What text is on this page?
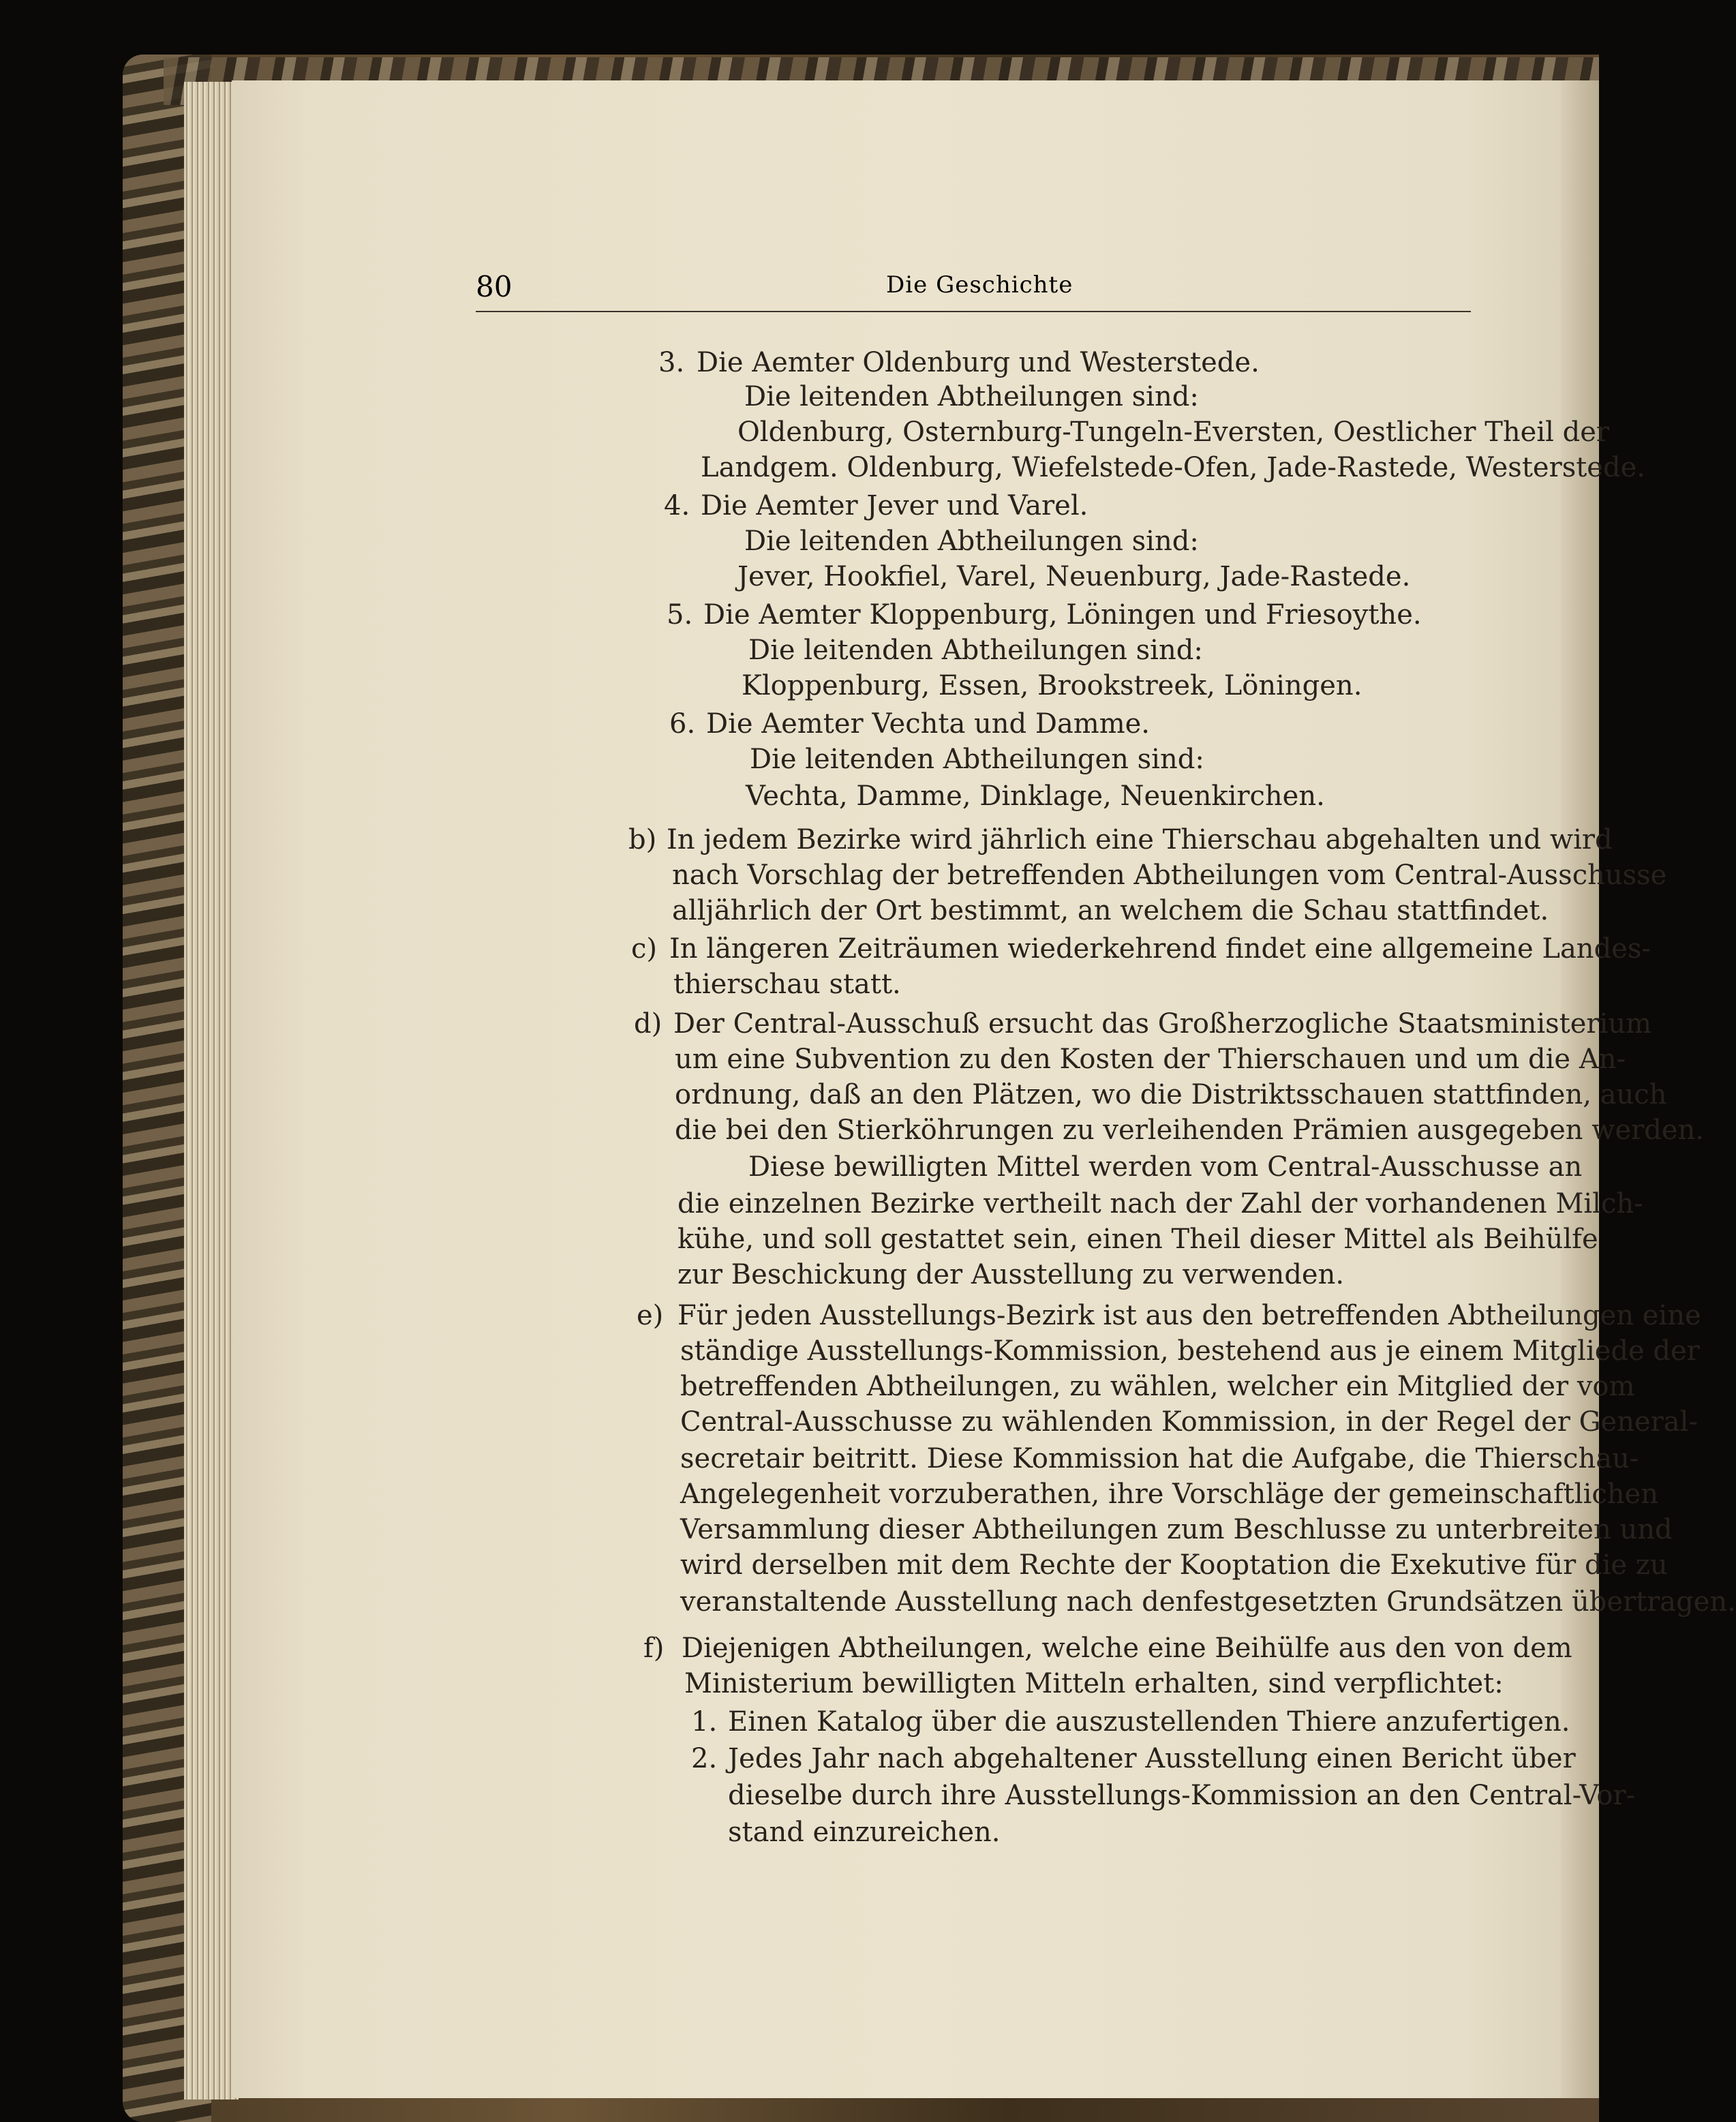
80	Die Geschichte
3. Die Aemter Oldenburg und Westerstede.
Die leitenden Abtheilungen sind:
Oldenburg, Osternburg-Tungeln-Eversten, Oestlicher Theil der
Landgem. Oldenburg, Wiefelstede-Ofen, Jade-Rastede, Westerstede.
4. Die Aemter Jever und Varel.
Die leitenden Abtheilungen sind:
Jever, Hookfiel, Varel, Neuenburg, Jade-Rastede.
5. Die Aemter Kloppenburg, Löningen und Friesoythe.
Die leitenden Abtheilungen sind:
Kloppenburg, Essen, Brookstreek, Löningen.
6. Die Aemter Vechta und Damme.
Die leitenden Abtheilungen sind:
Vechta, Damme, Dinklage, Neuenkirchen.
b) In jedem Bezirke wird jährlich eine Thierschau abgehalten und wird
nach Vorschlag der betreffenden Abtheilungen vom Central-Ausschusse
alljährlich der Ort bestimmt, an welchem die Schau stattfindet.
c) In längeren Zeiträumen wiederkehrend findet eine allgemeine Landes-
thierschau statt.
d) Der Central-Ausschuß ersucht das Großherzogliche Staatsministerium
um eine Subvention zu den Kosten der Thierschauen und um die An-
ordnung, daß an den Plätzen, wo die Distriktsschauen stattfinden, auch
die bei den Stierköhrungen zu verleihenden Prämien ausgegeben werden.
Diese bewilligten Mittel werden vom Central-Ausschusse an
die einzelnen Bezirke vertheilt nach der Zahl der vorhandenen Milch-
kühe, und soll gestattet sein, einen Theil dieser Mittel als Beihülfe
zur Beschickung der Ausstellung zu verwenden.
e) Für jeden Ausstellungs-Bezirk ist aus den betreffenden Abtheilungen eine
ständige Ausstellungs-Kommission, bestehend aus je einem Mitgliede der
betreffenden Abtheilungen, zu wählen, welcher ein Mitglied der vom
Central-Ausschusse zu wählenden Kommission, in der Regel der General-
secretair beitritt. Diese Kommission hat die Aufgabe, die Thierschau-
Angelegenheit vorzuberathen, ihre Vorschläge der gemeinschaftlichen
Versammlung dieser Abtheilungen zum Beschlusse zu unterbreiten und
wird derselben mit dem Rechte der Kooptation die Exekutive für die zu
veranstaltende Ausstellung nach denfestgesetzten Grundsätzen übertragen.
f) Diejenigen Abtheilungen, welche eine Beihülfe aus den von dem
Ministerium bewilligten Mitteln erhalten, sind verpflichtet:
1. Einen Katalog über die auszustellenden Thiere anzufertigen.
2. Jedes Jahr nach abgehaltener Ausstellung einen Bericht über
dieselbe durch ihre Ausstellungs-Kommission an den Central-Vor-
stand einzureichen.
